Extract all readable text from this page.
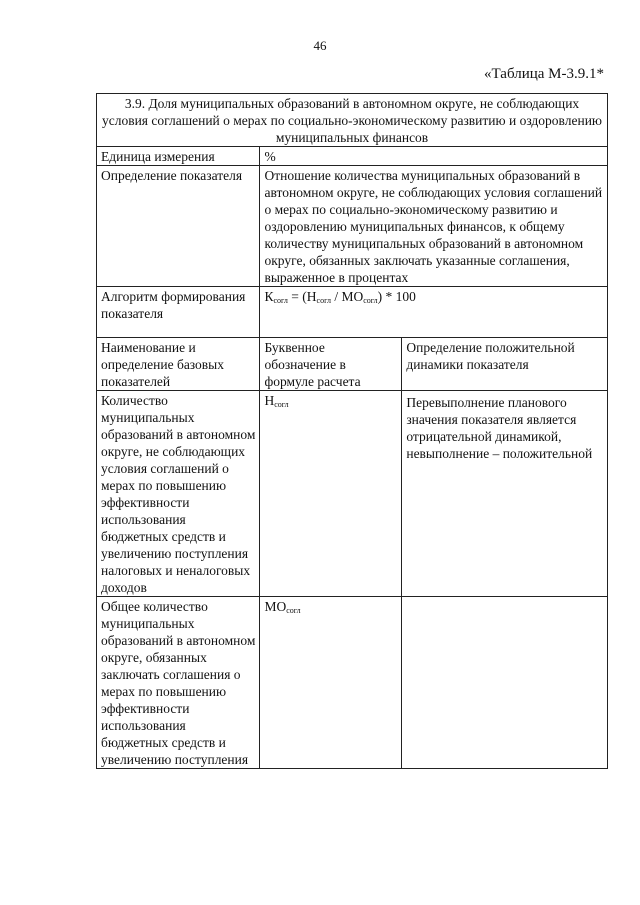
46
«Таблица М-3.9.1*
3.9. Доля муниципальных образований в автономном округе, не соблюдающих условия соглашений о мерах по социально-экономическому развитию и оздоровлению муниципальных финансов		
Единица измерения	%	
Определение показателя	Отношение количества муниципальных образований в автономном округе, не соблюдающих условия соглашений о мерах по социально-экономическому развитию и оздоровлению муниципальных финансов, к общему количеству муниципальных образований в автономном округе, обязанных заключать указанные соглашения, выраженное в процентах	
Алгоритм формирования показателя	$К_{согл} = (Н_{согл} / МО_{согл}) * 100$	
Наименование и определение базовых показателей	Буквенное обозначение в формуле расчета	Определение положительной динамики показателя
Количество муниципальных образований в автономном округе, не соблюдающих условия соглашений о мерах по повышению эффективности использования бюджетных средств и увеличению поступления налоговых и неналоговых доходов	$Н_{согл}$	Перевыполнение планового значения показателя является отрицательной динамикой, невыполнение – положительной
Общее количество муниципальных образований в автономном округе, обязанных заключать соглашения о мерах по повышению эффективности использования бюджетных средств и увеличению поступления	$МО_{согл}$	
